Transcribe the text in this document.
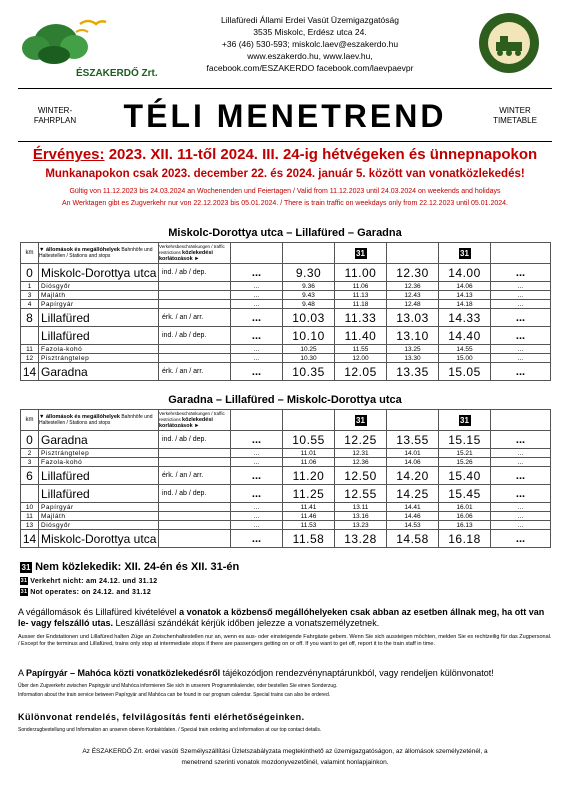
ÉSZAKERDŐ Zrt.
Lillafüredi Állami Erdei Vasút Üzemigazgatóság
3535 Miskolc, Erdész utca 24.
+36 (46) 530-593; miskolc.laev@eszakerdo.hu
www.eszakerdo.hu, www.laev.hu,
facebook.com/ESZAKERDO facebook.com/laevpaevpr
WINTER-
FAHRPLAN	TÉLI MENETREND	WINTER
TIMETABLE
Érvényes: 2023. XII. 11-től 2024. III. 24-ig hétvégeken és ünnepnapokon
Munkanapokon csak 2023. december 22. és 2024. január 5. között van vonatközlekedés!
Gültig von 11.12.2023 bis 24.03.2024 an Wochenenden und Feiertagen / Valid from 11.12.2023 until 24.03.2024 on weekends and holidays
An Werktagen gibt es Zugverkehr nur von 22.12.2023 bis 05.01.2024. / There is train traffic on weekdays only from 22.12.2023 until 05.01.2024.
Miskolc-Dorottya utca – Lillafüred – Garadna
km	▼ állomások és megállóhelyek Bahnhöfe und Haltestellen / Stations and stops	Verkehrsbeschränkungen / traffic restrictions közlekedési korlátozások ►			31		31	
0	Miskolc-Dorottya utca	ind. / ab / dep.	...	9.30	11.00	12.30	14.00	...
1	Diósgyőr		...	9.36	11.06	12.36	14.06	...
3	Majláth		...	9.43	11.13	12.43	14.13	...
4	Papírgyár		...	9.48	11.18	12.48	14.18	...
8	Lillafüred	érk. / an / arr.	...	10.03	11.33	13.03	14.33	...
	Lillafüred	ind. / ab / dep.	...	10.10	11.40	13.10	14.40	...
11	Fazola-kohó		...	10.25	11.55	13.25	14.55	...
12	Pisztrángtelep		...	10.30	12.00	13.30	15.00	...
14	Garadna	érk. / an / arr.	...	10.35	12.05	13.35	15.05	...
Garadna – Lillafüred – Miskolc-Dorottya utca
km	▼ állomások és megállóhelyek Bahnhöfe und Haltestellen / Stations and stops	Verkehrsbeschränkungen / traffic restrictions közlekedési korlátozások ►			31		31	
0	Garadna	ind. / ab / dep.	...	10.55	12.25	13.55	15.15	...
2	Pisztrángtelep		...	11.01	12.31	14.01	15.21	...
3	Fazola-kohó		...	11.06	12.36	14.06	15.26	...
6	Lillafüred	érk. / an / arr.	...	11.20	12.50	14.20	15.40	...
	Lillafüred	ind. / ab / dep.	...	11.25	12.55	14.25	15.45	...
10	Papírgyár		...	11.41	13.11	14.41	16.01	...
11	Majláth		...	11.46	13.16	14.46	16.06	...
13	Diósgyőr		...	11.53	13.23	14.53	16.13	...
14	Miskolc-Dorottya utca		...	11.58	13.28	14.58	16.18	...
31 Nem közlekedik: XII. 24-én és XII. 31-én
31 Verkehrt nicht: am 24.12. und 31.12
31 Not operates: on 24.12. and 31.12
A végállomások és Lillafüred kivételével a vonatok a közbenső megállóhelyeken csak abban az esetben állnak meg, ha ott van le- vagy felszálló utas. Leszállási szándékát kérjük időben jelezze a vonatszemélyzetnek.
Ausser der Endstationen und Lillafüred halten Züge an Zwischenhaltestellen nur an, wenn es aus- oder einsteigende Fahrgäste gebem. Wenn Sie sich aussteigen möchten, melden Sie es rechtzeilig für das Zugpersonal. / Except for the terminus and Lillafüred, trains only stop at intermediate stops if there are passengers getting on or off. If you want to get off, report it to the train staff in time.
A Papírgyár – Mahóca közti vonatközlekedésről tájékozódjon rendezvénynaptárunkból, vagy rendeljen különvonatot!
Über den Zugverkehr zwischen Papirgyár und Mahóca informieren Sie sich in unserem Programmkalender, oder bestellen Sie einen Sonderzug.
Information about the train service between Papírgyár and Mahóca can be found in our program calendar. Special trains can also be ordered.
Különvonat rendelés, felvilágosítás fenti elérhetőségeinken.
Sonderzugbestellung und Information an unseren oberen Kontaktdaten. / Special train ordering and information at our top contact details.
Az ÉSZAKERDŐ Zrt. erdei vasúti Személyszállítási Üzletszabályzata megtekinthető az üzemigazgatóságon, az állomások személyzeténél, a
menetrend szerinti vonatok mozdonyvezetőinél, valamint honlapjainkon.
